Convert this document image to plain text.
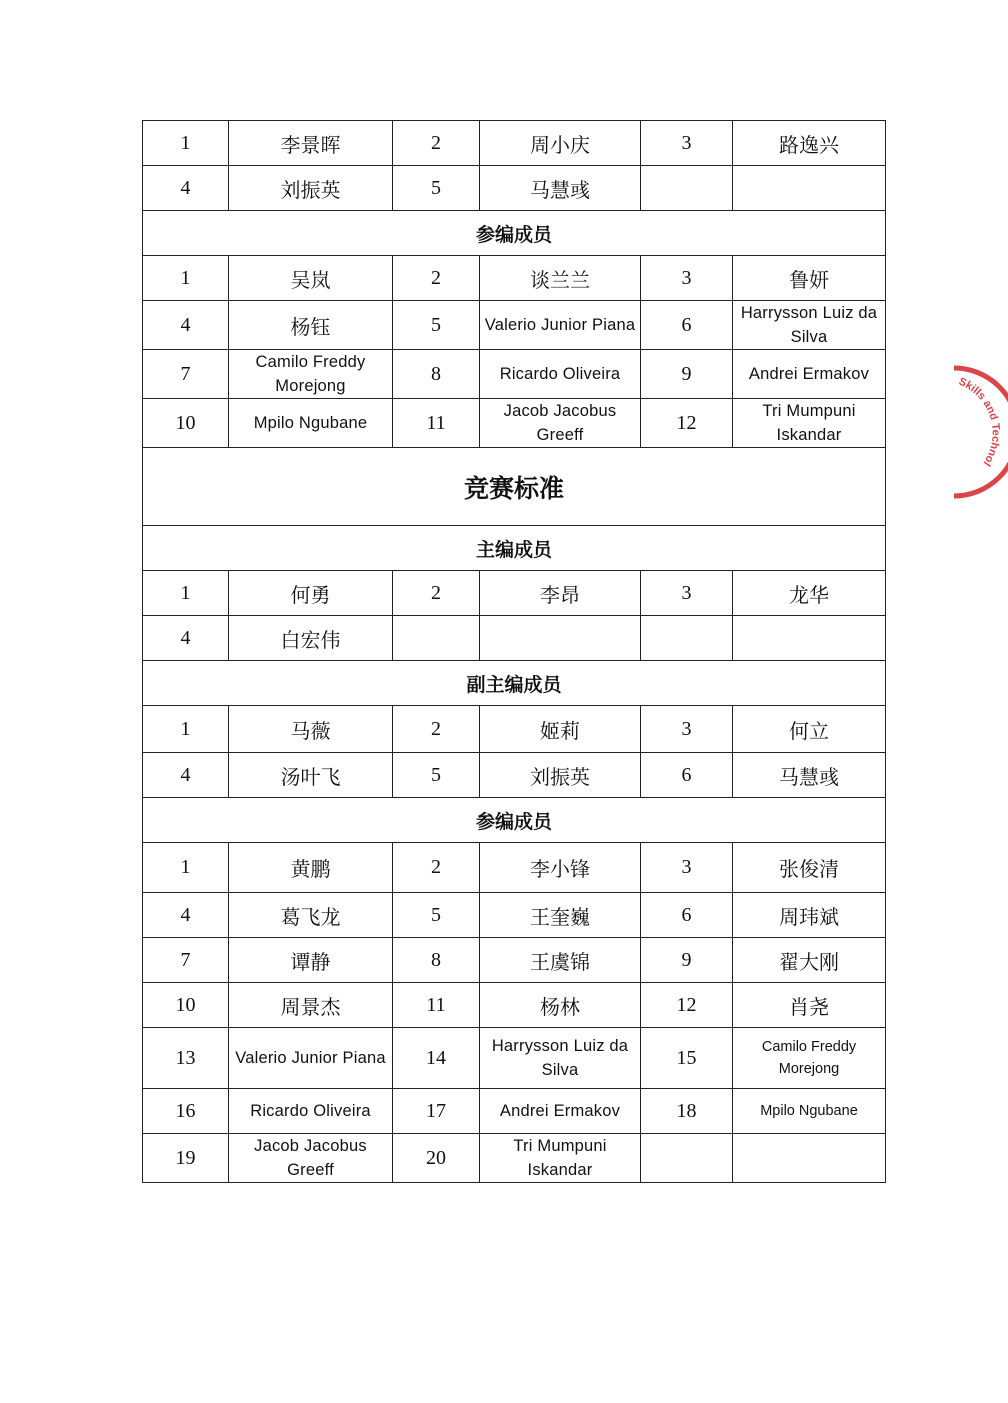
1	李景晖	2	周小庆	3	路逸兴
4	刘振英	5	马慧彧		
参编成员					
1	吴岚	2	谈兰兰	3	鲁妍
4	杨钰	5	Valerio Junior Piana	6	Harrysson Luiz da Silva
7	Camilo Freddy Morejong	8	Ricardo Oliveira	9	Andrei Ermakov
10	Mpilo Ngubane	11	Jacob Jacobus Greeff	12	Tri Mumpuni Iskandar
竞赛标准					
主编成员					
1	何勇	2	李昂	3	龙华
4	白宏伟				
副主编成员					
1	马薇	2	姬莉	3	何立
4	汤叶飞	5	刘振英	6	马慧彧
参编成员					
1	黄鹏	2	李小锋	3	张俊清
4	葛飞龙	5	王奎巍	6	周玮斌
7	谭静	8	王虞锦	9	翟大刚
10	周景杰	11	杨林	12	肖尧
13	Valerio Junior Piana	14	Harrysson Luiz da Silva	15	Camilo Freddy Morejong
16	Ricardo Oliveira	17	Andrei Ermakov	18	Mpilo Ngubane
19	Jacob Jacobus Greeff	20	Tri Mumpuni Iskandar		
Skills and Technol
